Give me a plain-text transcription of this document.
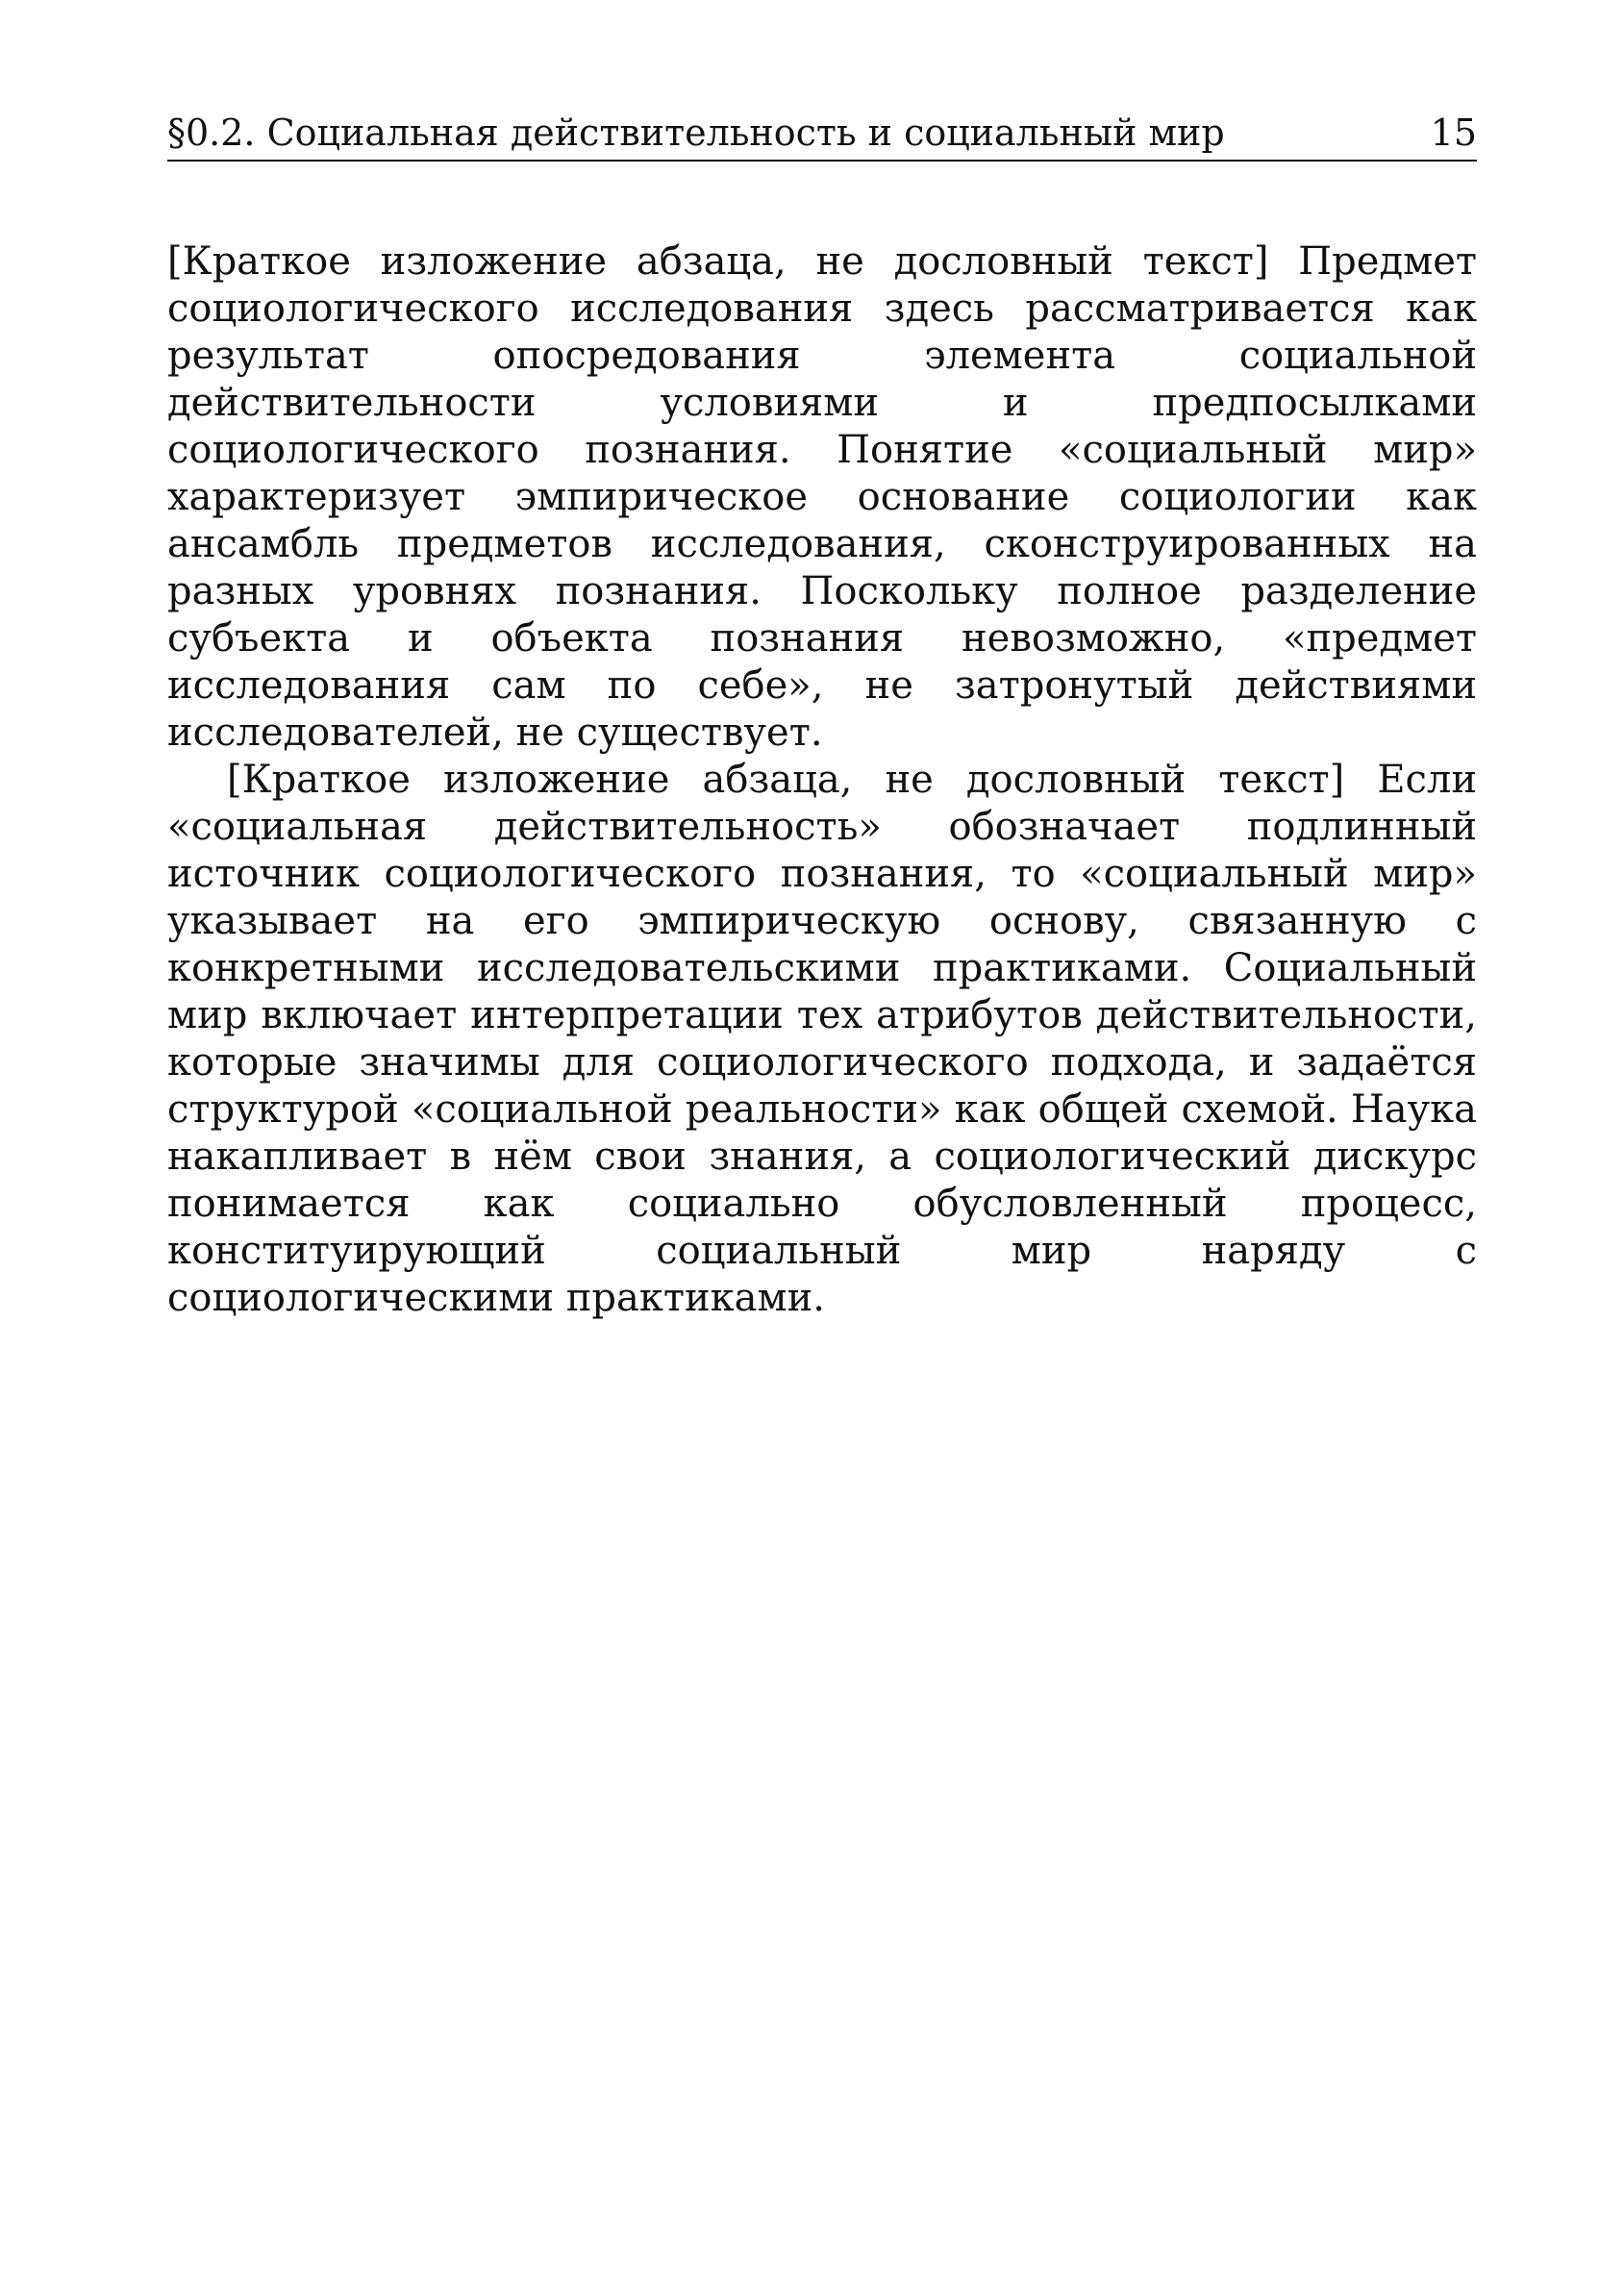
§0.2. Социальная действительность и социальный мир	15

[Краткое изложение абзаца, не дословный текст] Предмет социологического исследования здесь рассматривается как результат опосредования элемента социальной действительности условиями и предпосылками социологического познания. Понятие «социальный мир» характеризует эмпирическое основание социологии как ансамбль предметов исследования, сконструированных на разных уровнях познания. Поскольку полное разделение субъекта и объекта познания невозможно, «предмет исследования сам по себе», не затронутый действиями исследователей, не существует.

[Краткое изложение абзаца, не дословный текст] Если «социальная действительность» обозначает подлинный источник социологического познания, то «социальный мир» указывает на его эмпирическую основу, связанную с конкретными исследовательскими практиками. Социальный мир включает интерпретации тех атрибутов действительности, которые значимы для социологического подхода, и задаётся структурой «социальной реальности» как общей схемой. Наука накапливает в нём свои знания, а социологический дискурс понимается как социально обусловленный процесс, конституирующий социальный мир наряду с социологическими практиками.
